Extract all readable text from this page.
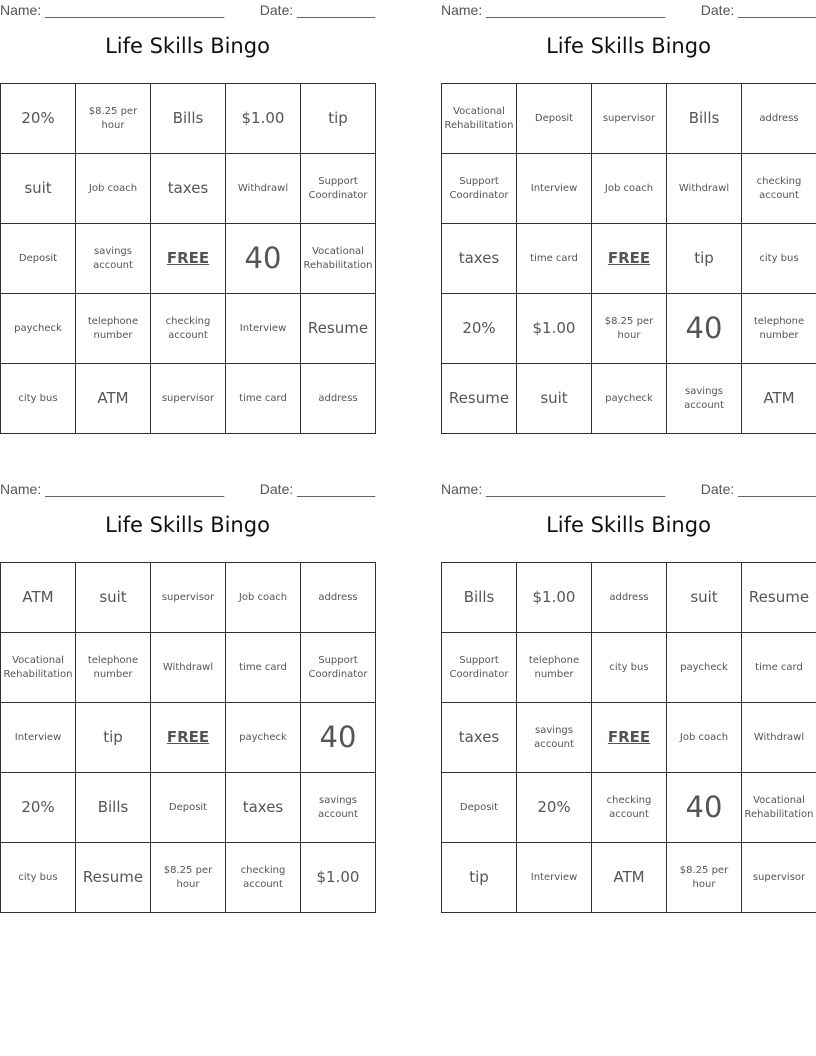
Name: _______________________	Date: __________
Life Skills Bingo
20%	$8.25 per hour	Bills	$1.00	tip
suit	Job coach	taxes	Withdrawl	Support Coordinator
Deposit	savings account	FREE	40	Vocational Rehabilitation
paycheck	telephone number	checking account	Interview	Resume
city bus	ATM	supervisor	time card	address
Name: _______________________	Date: __________
Life Skills Bingo
Vocational Rehabilitation	Deposit	supervisor	Bills	address
Support Coordinator	Interview	Job coach	Withdrawl	checking account
taxes	time card	FREE	tip	city bus
20%	$1.00	$8.25 per hour	40	telephone number
Resume	suit	paycheck	savings account	ATM
Name: _______________________	Date: __________
Life Skills Bingo
ATM	suit	supervisor	Job coach	address
Vocational Rehabilitation	telephone number	Withdrawl	time card	Support Coordinator
Interview	tip	FREE	paycheck	40
20%	Bills	Deposit	taxes	savings account
city bus	Resume	$8.25 per hour	checking account	$1.00
Name: _______________________	Date: __________
Life Skills Bingo
Bills	$1.00	address	suit	Resume
Support Coordinator	telephone number	city bus	paycheck	time card
taxes	savings account	FREE	Job coach	Withdrawl
Deposit	20%	checking account	40	Vocational Rehabilitation
tip	Interview	ATM	$8.25 per hour	supervisor
